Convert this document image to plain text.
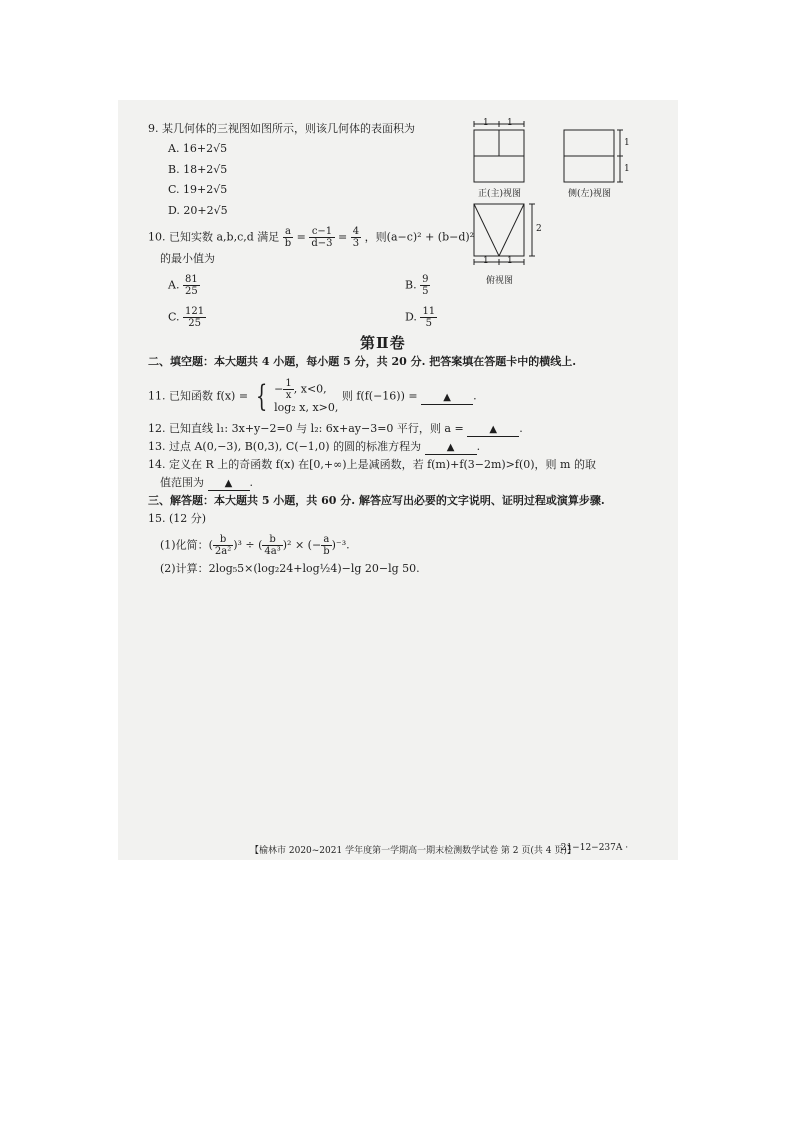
9. 某几何体的三视图如图所示，则该几何体的表面积为
A. 16+2√5
B. 18+2√5
C. 19+2√5
D. 20+2√5
10. 已知实数 a,b,c,d 满足 $\frac{a}{b} = \frac{c-1}{d-3} = \frac{4}{3}$ ，则(a−c)² + (b−d)²
的最小值为
A. $\frac{81}{25}$	B. $\frac{9}{5}$
C. $\frac{121}{25}$	D. $\frac{11}{5}$
1 1
正(主)视图
1
1
侧(左)视图
2
1 1
俯视图
第Ⅱ卷
二、填空题：本大题共 4 小题，每小题 5 分，共 20 分. 把答案填在答题卡中的横线上.
11. 已知函数 f(x) = { − $\frac{1}{x}$ , x<0,
log₂ x, x>0,
则 f(f(−16)) =	▲ .
12. 已知直线 l₁: 3x+y−2=0 与 l₂: 6x+ay−3=0 平行，则 a =	▲ .
13. 过点 A(0,−3), B(0,3), C(−1,0) 的圆的标准方程为	▲ .
14. 定义在 R 上的奇函数 f(x) 在[0,+∞)上是减函数，若 f(m)+f(3−2m)>f(0)，则 m 的取
值范围为 ▲ .
三、解答题：本大题共 5 小题，共 60 分. 解答应写出必要的文字说明、证明过程或演算步骤.
15. (12 分)
(1)化简：( $\frac{b}{\text{2a²}} )^3$ ÷ ( $\frac{b}{\text{4a³}} )^2$ × (− $\frac{a}{b} )^{-3}$.
(2)计算：2log₅5×(log₂24+log½4)−lg 20−lg 50.
【榆林市 2020~2021 学年度第一学期高一期末检测数学试卷 第 2 页(共 4 页)】
· 21−12−237A ·
